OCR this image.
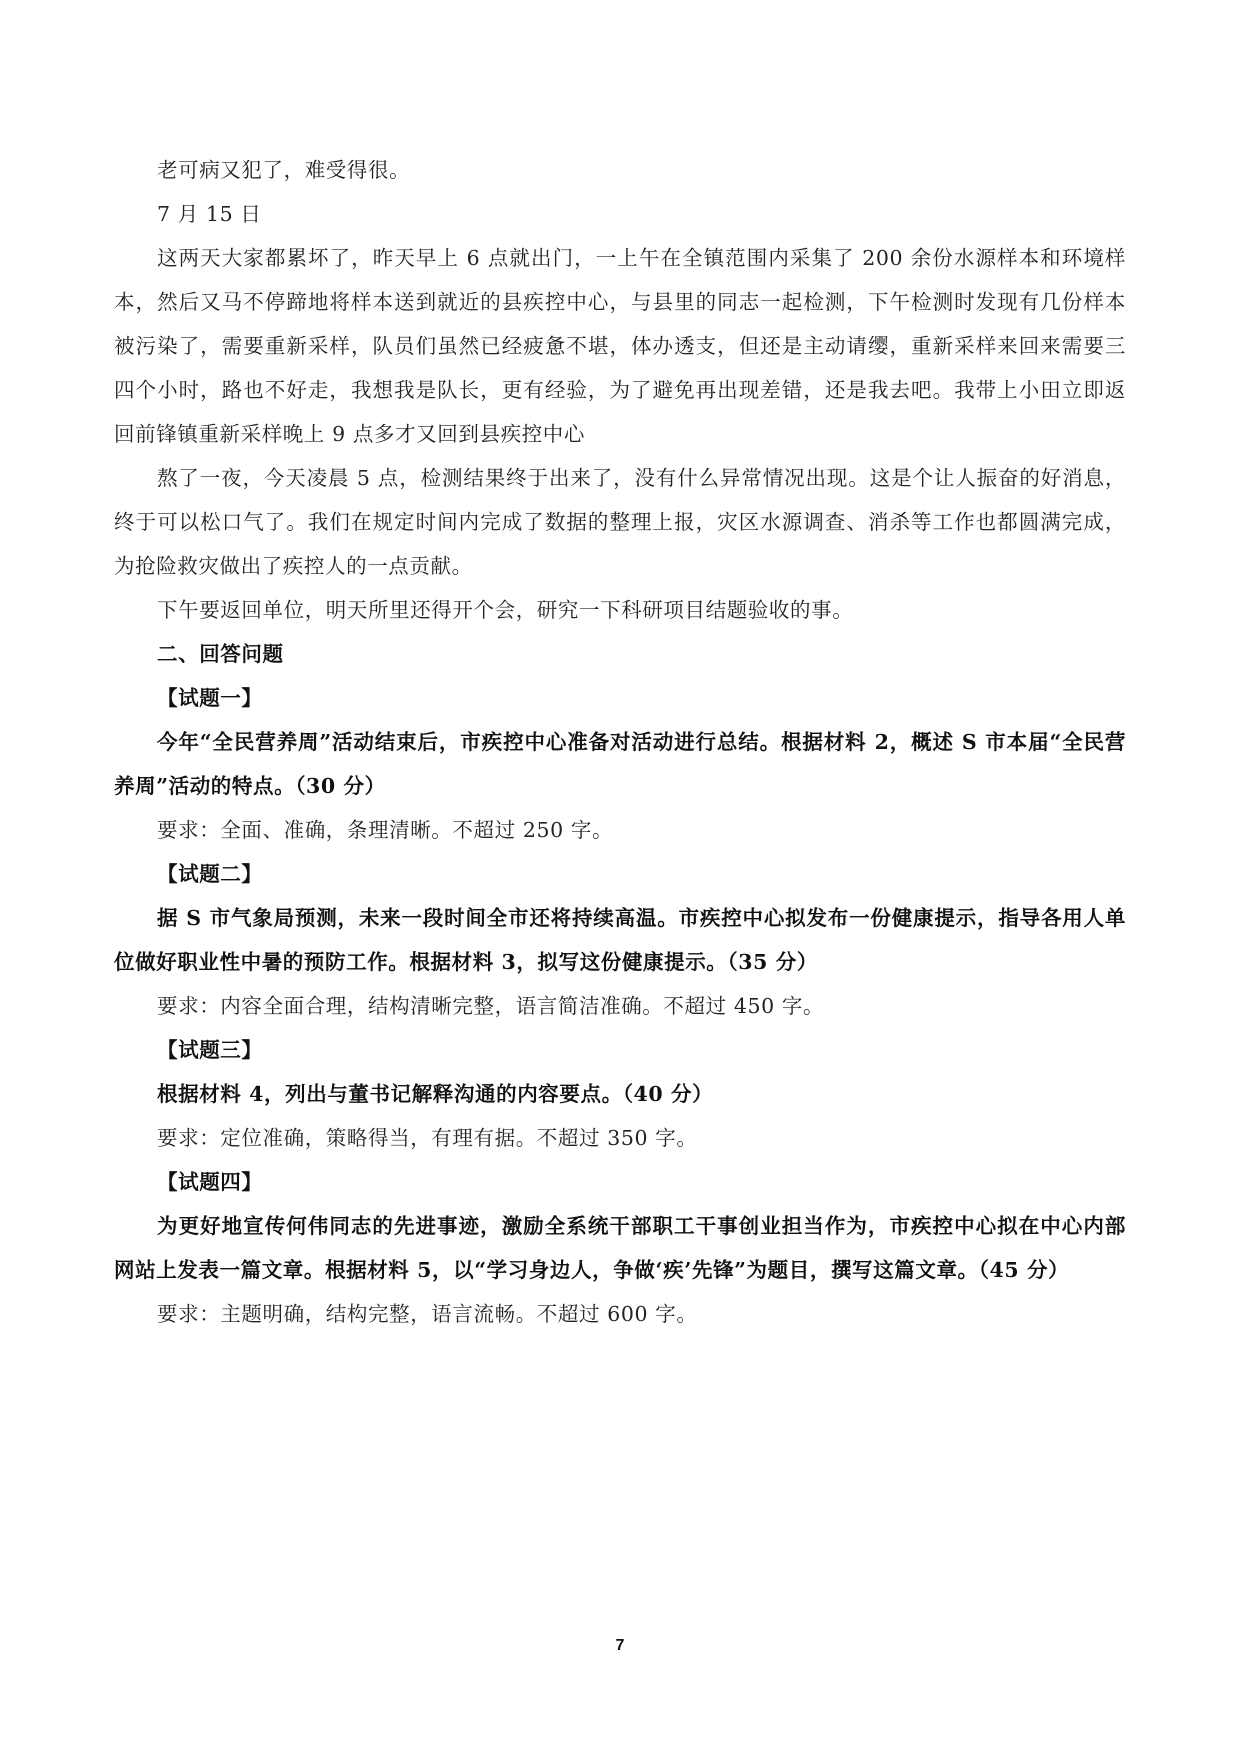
老可病又犯了，难受得很。

7 月 15 日

这两天大家都累坏了，昨天早上 6 点就出门，一上午在全镇范围内采集了 200 余份水源样本和环境样本，然后又马不停蹄地将样本送到就近的县疾控中心，与县里的同志一起检测，下午检测时发现有几份样本被污染了，需要重新采样，队员们虽然已经疲惫不堪，体办透支，但还是主动请缨，重新采样来回来需要三四个小时，路也不好走，我想我是队长，更有经验，为了避免再出现差错，还是我去吧。我带上小田立即返回前锋镇重新采样晚上 9 点多才又回到县疾控中心

熬了一夜，今天凌晨 5 点，检测结果终于出来了，没有什么异常情况出现。这是个让人振奋的好消息，终于可以松口气了。我们在规定时间内完成了数据的整理上报，灾区水源调查、消杀等工作也都圆满完成，为抢险救灾做出了疾控人的一点贡献。

下午要返回单位，明天所里还得开个会，研究一下科研项目结题验收的事。

二、回答问题

【试题一】

今年“全民营养周”活动结束后，市疾控中心准备对活动进行总结。根据材料 2，概述 S 市本届“全民营养周”活动的特点。（30 分）

要求：全面、准确，条理清晰。不超过 250 字。

【试题二】

据 S 市气象局预测，未来一段时间全市还将持续高温。市疾控中心拟发布一份健康提示，指导各用人单位做好职业性中暑的预防工作。根据材料 3，拟写这份健康提示。（35 分）

要求：内容全面合理，结构清晰完整，语言简洁准确。不超过 450 字。

【试题三】

根据材料 4，列出与董书记解释沟通的内容要点。（40 分）

要求：定位准确，策略得当，有理有据。不超过 350 字。

【试题四】

为更好地宣传何伟同志的先进事迹，激励全系统干部职工干事创业担当作为，市疾控中心拟在中心内部网站上发表一篇文章。根据材料 5，以“学习身边人，争做‘疾’先锋”为题目，撰写这篇文章。（45 分）

要求：主题明确，结构完整，语言流畅。不超过 600 字。

7
